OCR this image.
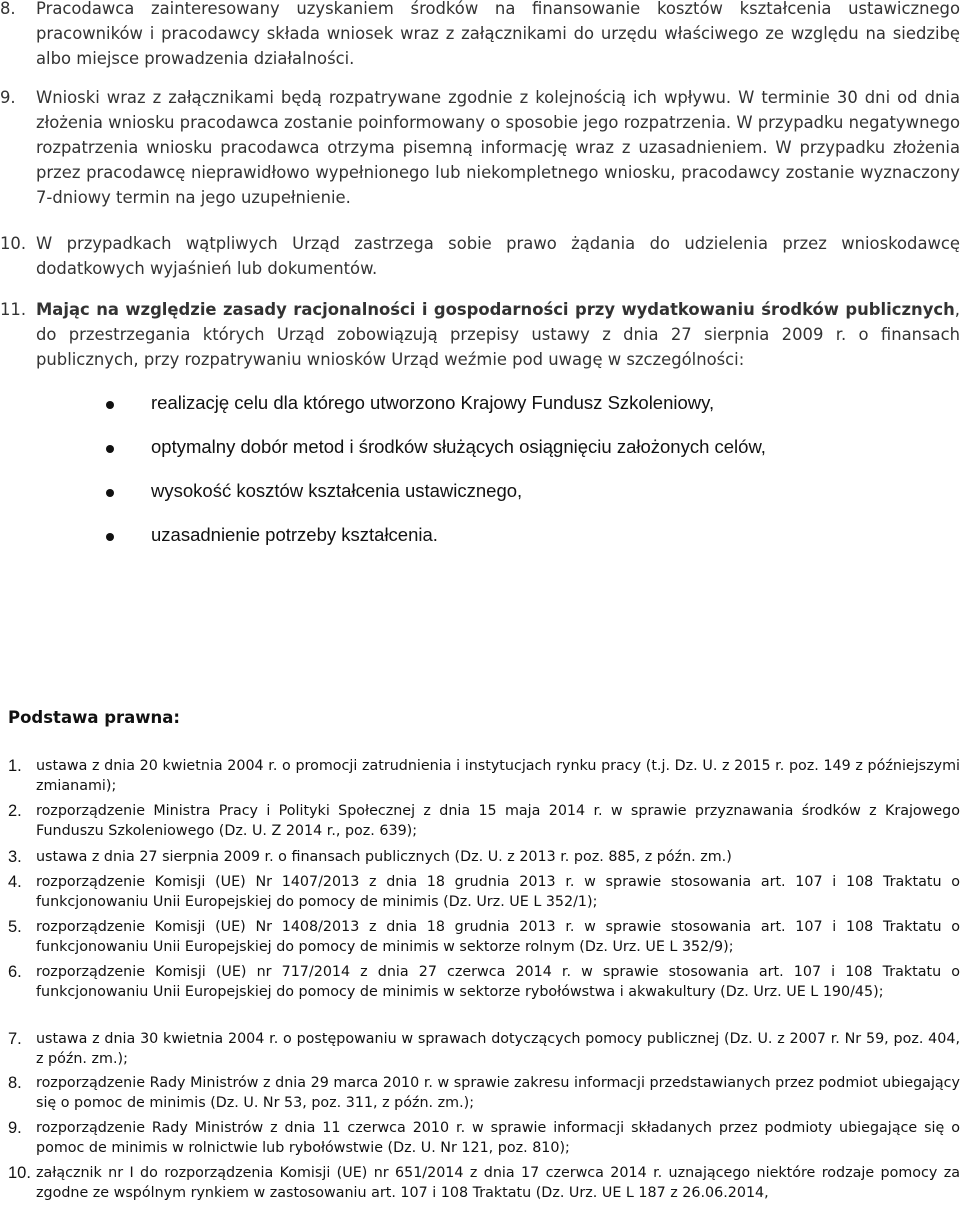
8. Pracodawca zainteresowany uzyskaniem środków na finansowanie kosztów kształcenia ustawicznego pracowników i pracodawcy składa wniosek wraz z załącznikami do urzędu właściwego ze względu na siedzibę albo miejsce prowadzenia działalności.
9. Wnioski wraz z załącznikami będą rozpatrywane zgodnie z kolejnością ich wpływu. W terminie 30 dni od dnia złożenia wniosku pracodawca zostanie poinformowany o sposobie jego rozpatrzenia. W przypadku negatywnego rozpatrzenia wniosku pracodawca otrzyma pisemną informację wraz z uzasadnieniem. W przypadku złożenia przez pracodawcę nieprawidłowo wypełnionego lub niekompletnego wniosku, pracodawcy zostanie wyznaczony 7-dniowy termin na jego uzupełnienie.
10. W przypadkach wątpliwych Urząd zastrzega sobie prawo żądania do udzielenia przez wnioskodawcę dodatkowych wyjaśnień lub dokumentów.
11. Mając na względzie zasady racjonalności i gospodarności przy wydatkowaniu środków publicznych, do przestrzegania których Urząd zobowiązują przepisy ustawy z dnia 27 sierpnia 2009 r. o finansach publicznych, przy rozpatrywaniu wniosków Urząd weźmie pod uwagę w szczególności:
realizację celu dla którego utworzono Krajowy Fundusz Szkoleniowy,
optymalny dobór metod i środków służących osiągnięciu założonych celów,
wysokość kosztów kształcenia ustawicznego,
uzasadnienie potrzeby kształcenia.
Podstawa prawna:
1. ustawa z dnia 20 kwietnia 2004 r. o promocji zatrudnienia i instytucjach rynku pracy (t.j. Dz. U. z 2015 r. poz. 149 z późniejszymi zmianami);
2. rozporządzenie Ministra Pracy i Polityki Społecznej z dnia 15 maja 2014 r. w sprawie przyznawania środków z Krajowego Funduszu Szkoleniowego (Dz. U. Z 2014 r., poz. 639);
3. ustawa z dnia 27 sierpnia 2009 r. o finansach publicznych (Dz. U. z 2013 r. poz. 885, z późn. zm.)
4. rozporządzenie Komisji (UE) Nr 1407/2013 z dnia 18 grudnia 2013 r. w sprawie stosowania art. 107 i 108 Traktatu o funkcjonowaniu Unii Europejskiej do pomocy de minimis (Dz. Urz. UE L 352/1);
5. rozporządzenie Komisji (UE) Nr 1408/2013 z dnia 18 grudnia 2013 r. w sprawie stosowania art. 107 i 108 Traktatu o funkcjonowaniu Unii Europejskiej do pomocy de minimis w sektorze rolnym (Dz. Urz. UE L 352/9);
6. rozporządzenie Komisji (UE) nr 717/2014 z dnia 27 czerwca 2014 r. w sprawie stosowania art. 107 i 108 Traktatu o funkcjonowaniu Unii Europejskiej do pomocy de minimis w sektorze rybołówstwa i akwakultury (Dz. Urz. UE L 190/45);
7. ustawa z dnia 30 kwietnia 2004 r. o postępowaniu w sprawach dotyczących pomocy publicznej (Dz. U. z 2007 r. Nr 59, poz. 404, z późn. zm.);
8. rozporządzenie Rady Ministrów z dnia 29 marca 2010 r. w sprawie zakresu informacji przedstawianych przez podmiot ubiegający się o pomoc de minimis (Dz. U. Nr 53, poz. 311, z późn. zm.);
9. rozporządzenie Rady Ministrów z dnia 11 czerwca 2010 r. w sprawie informacji składanych przez podmioty ubiegające się o pomoc de minimis w rolnictwie lub rybołówstwie (Dz. U. Nr 121, poz. 810);
10. załącznik nr I do rozporządzenia Komisji (UE) nr 651/2014 z dnia 17 czerwca 2014 r. uznającego niektóre rodzaje pomocy za zgodne ze wspólnym rynkiem w zastosowaniu art. 107 i 108 Traktatu (Dz. Urz. UE L 187 z 26.06.2014,
